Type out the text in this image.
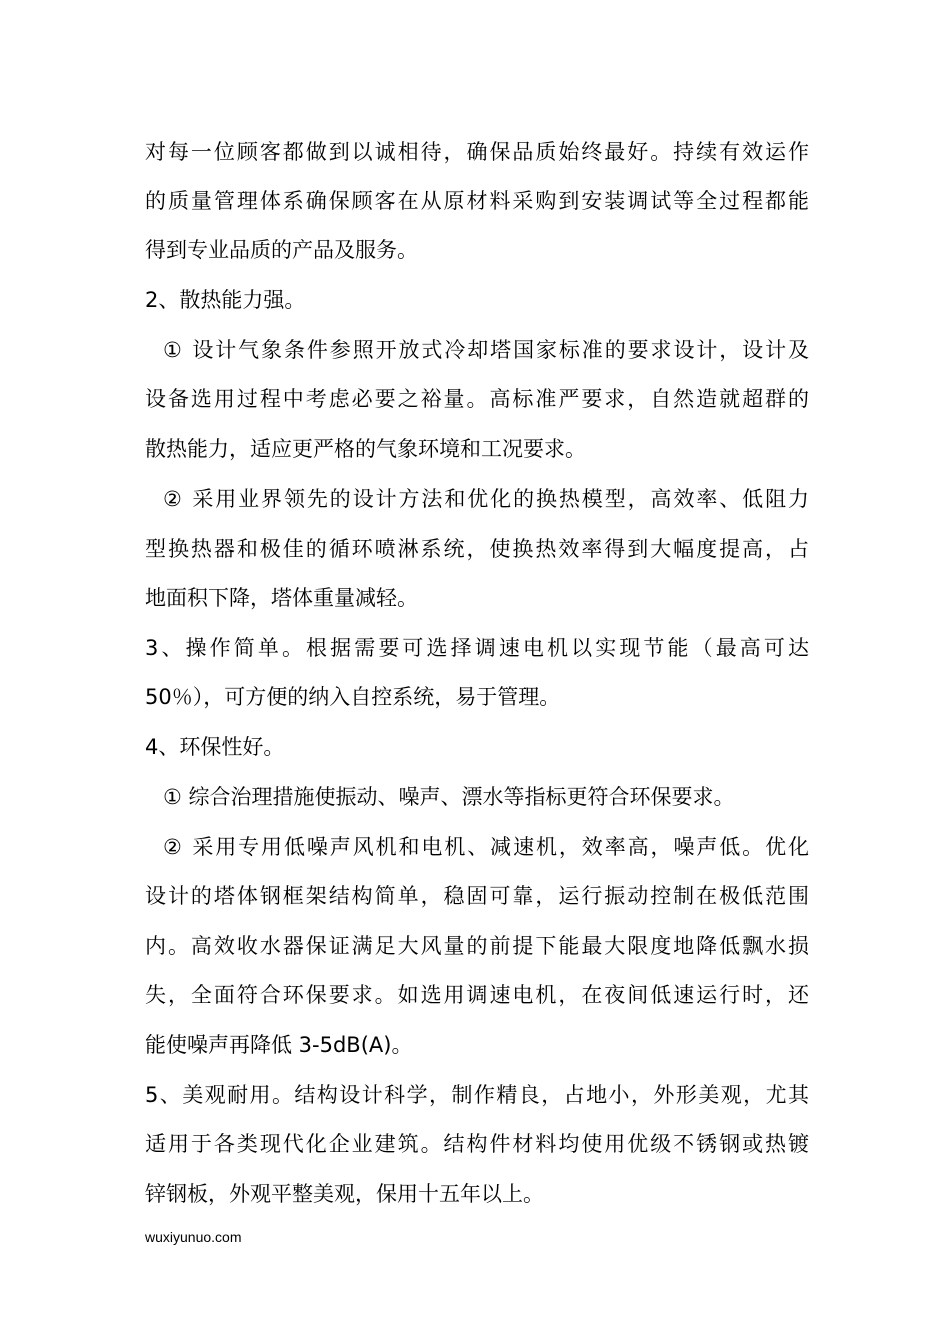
对每一位顾客都做到以诚相待，确保品质始终最好。持续有效运作
的质量管理体系确保顾客在从原材料采购到安装调试等全过程都能
得到专业品质的产品及服务。
2、散热能力强。
① 设计气象条件参照开放式冷却塔国家标准的要求设计，设计及
设备选用过程中考虑必要之裕量。高标准严要求，自然造就超群的
散热能力，适应更严格的气象环境和工况要求。
② 采用业界领先的设计方法和优化的换热模型，高效率、低阻力
型换热器和极佳的循环喷淋系统，使换热效率得到大幅度提高，占
地面积下降，塔体重量减轻。
3、操作简单。根据需要可选择调速电机以实现节能（最高可达
50％），可方便的纳入自控系统，易于管理。
4、环保性好。
① 综合治理措施使振动、噪声、漂水等指标更符合环保要求。
② 采用专用低噪声风机和电机、减速机，效率高，噪声低。优化
设计的塔体钢框架结构简单，稳固可靠，运行振动控制在极低范围
内。高效收水器保证满足大风量的前提下能最大限度地降低飘水损
失，全面符合环保要求。如选用调速电机，在夜间低速运行时，还
能使噪声再降低 3-5dB(A)。
5、美观耐用。结构设计科学，制作精良，占地小，外形美观，尤其
适用于各类现代化企业建筑。结构件材料均使用优级不锈钢或热镀
锌钢板，外观平整美观，保用十五年以上。
wuxiyunuo.com
